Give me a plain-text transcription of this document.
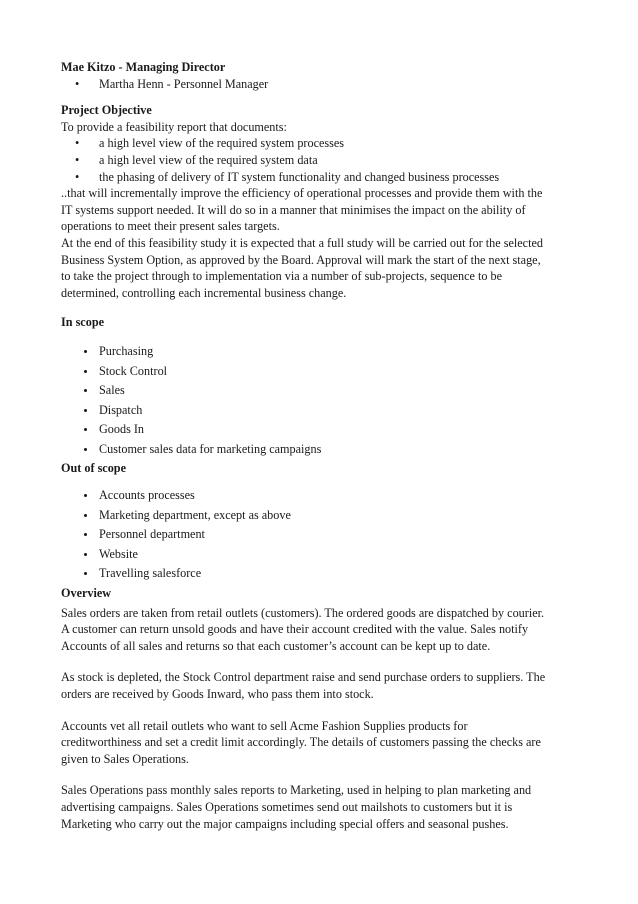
Mae Kitzo - Managing Director

• Martha Henn - Personnel Manager

Project Objective

To provide a feasibility report that documents:

• a high level view of the required system processes
• a high level view of the required system data
• the phasing of delivery of IT system functionality and changed business processes

..that will incrementally improve the efficiency of operational processes and provide them with the

IT systems support needed. It will do so in a manner that minimises the impact on the ability of

operations to meet their present sales targets.

At the end of this feasibility study it is expected that a full study will be carried out for the selected

Business System Option, as approved by the Board. Approval will mark the start of the next stage,

to take the project through to implementation via a number of sub-projects, sequence to be

determined, controlling each incremental business change.

In scope

Purchasing
Stock Control
Sales
Dispatch
Goods In
Customer sales data for marketing campaigns

Out of scope

Accounts processes
Marketing department, except as above
Personnel department
Website
Travelling salesforce

Overview

Sales orders are taken from retail outlets (customers). The ordered goods are dispatched by courier.

A customer can return unsold goods and have their account credited with the value. Sales notify

Accounts of all sales and returns so that each customer’s account can be kept up to date.

As stock is depleted, the Stock Control department raise and send purchase orders to suppliers. The

orders are received by Goods Inward, who pass them into stock.

Accounts vet all retail outlets who want to sell Acme Fashion Supplies products for

creditworthiness and set a credit limit accordingly. The details of customers passing the checks are

given to Sales Operations.

Sales Operations pass monthly sales reports to Marketing, used in helping to plan marketing and

advertising campaigns. Sales Operations sometimes send out mailshots to customers but it is

Marketing who carry out the major campaigns including special offers and seasonal pushes.
